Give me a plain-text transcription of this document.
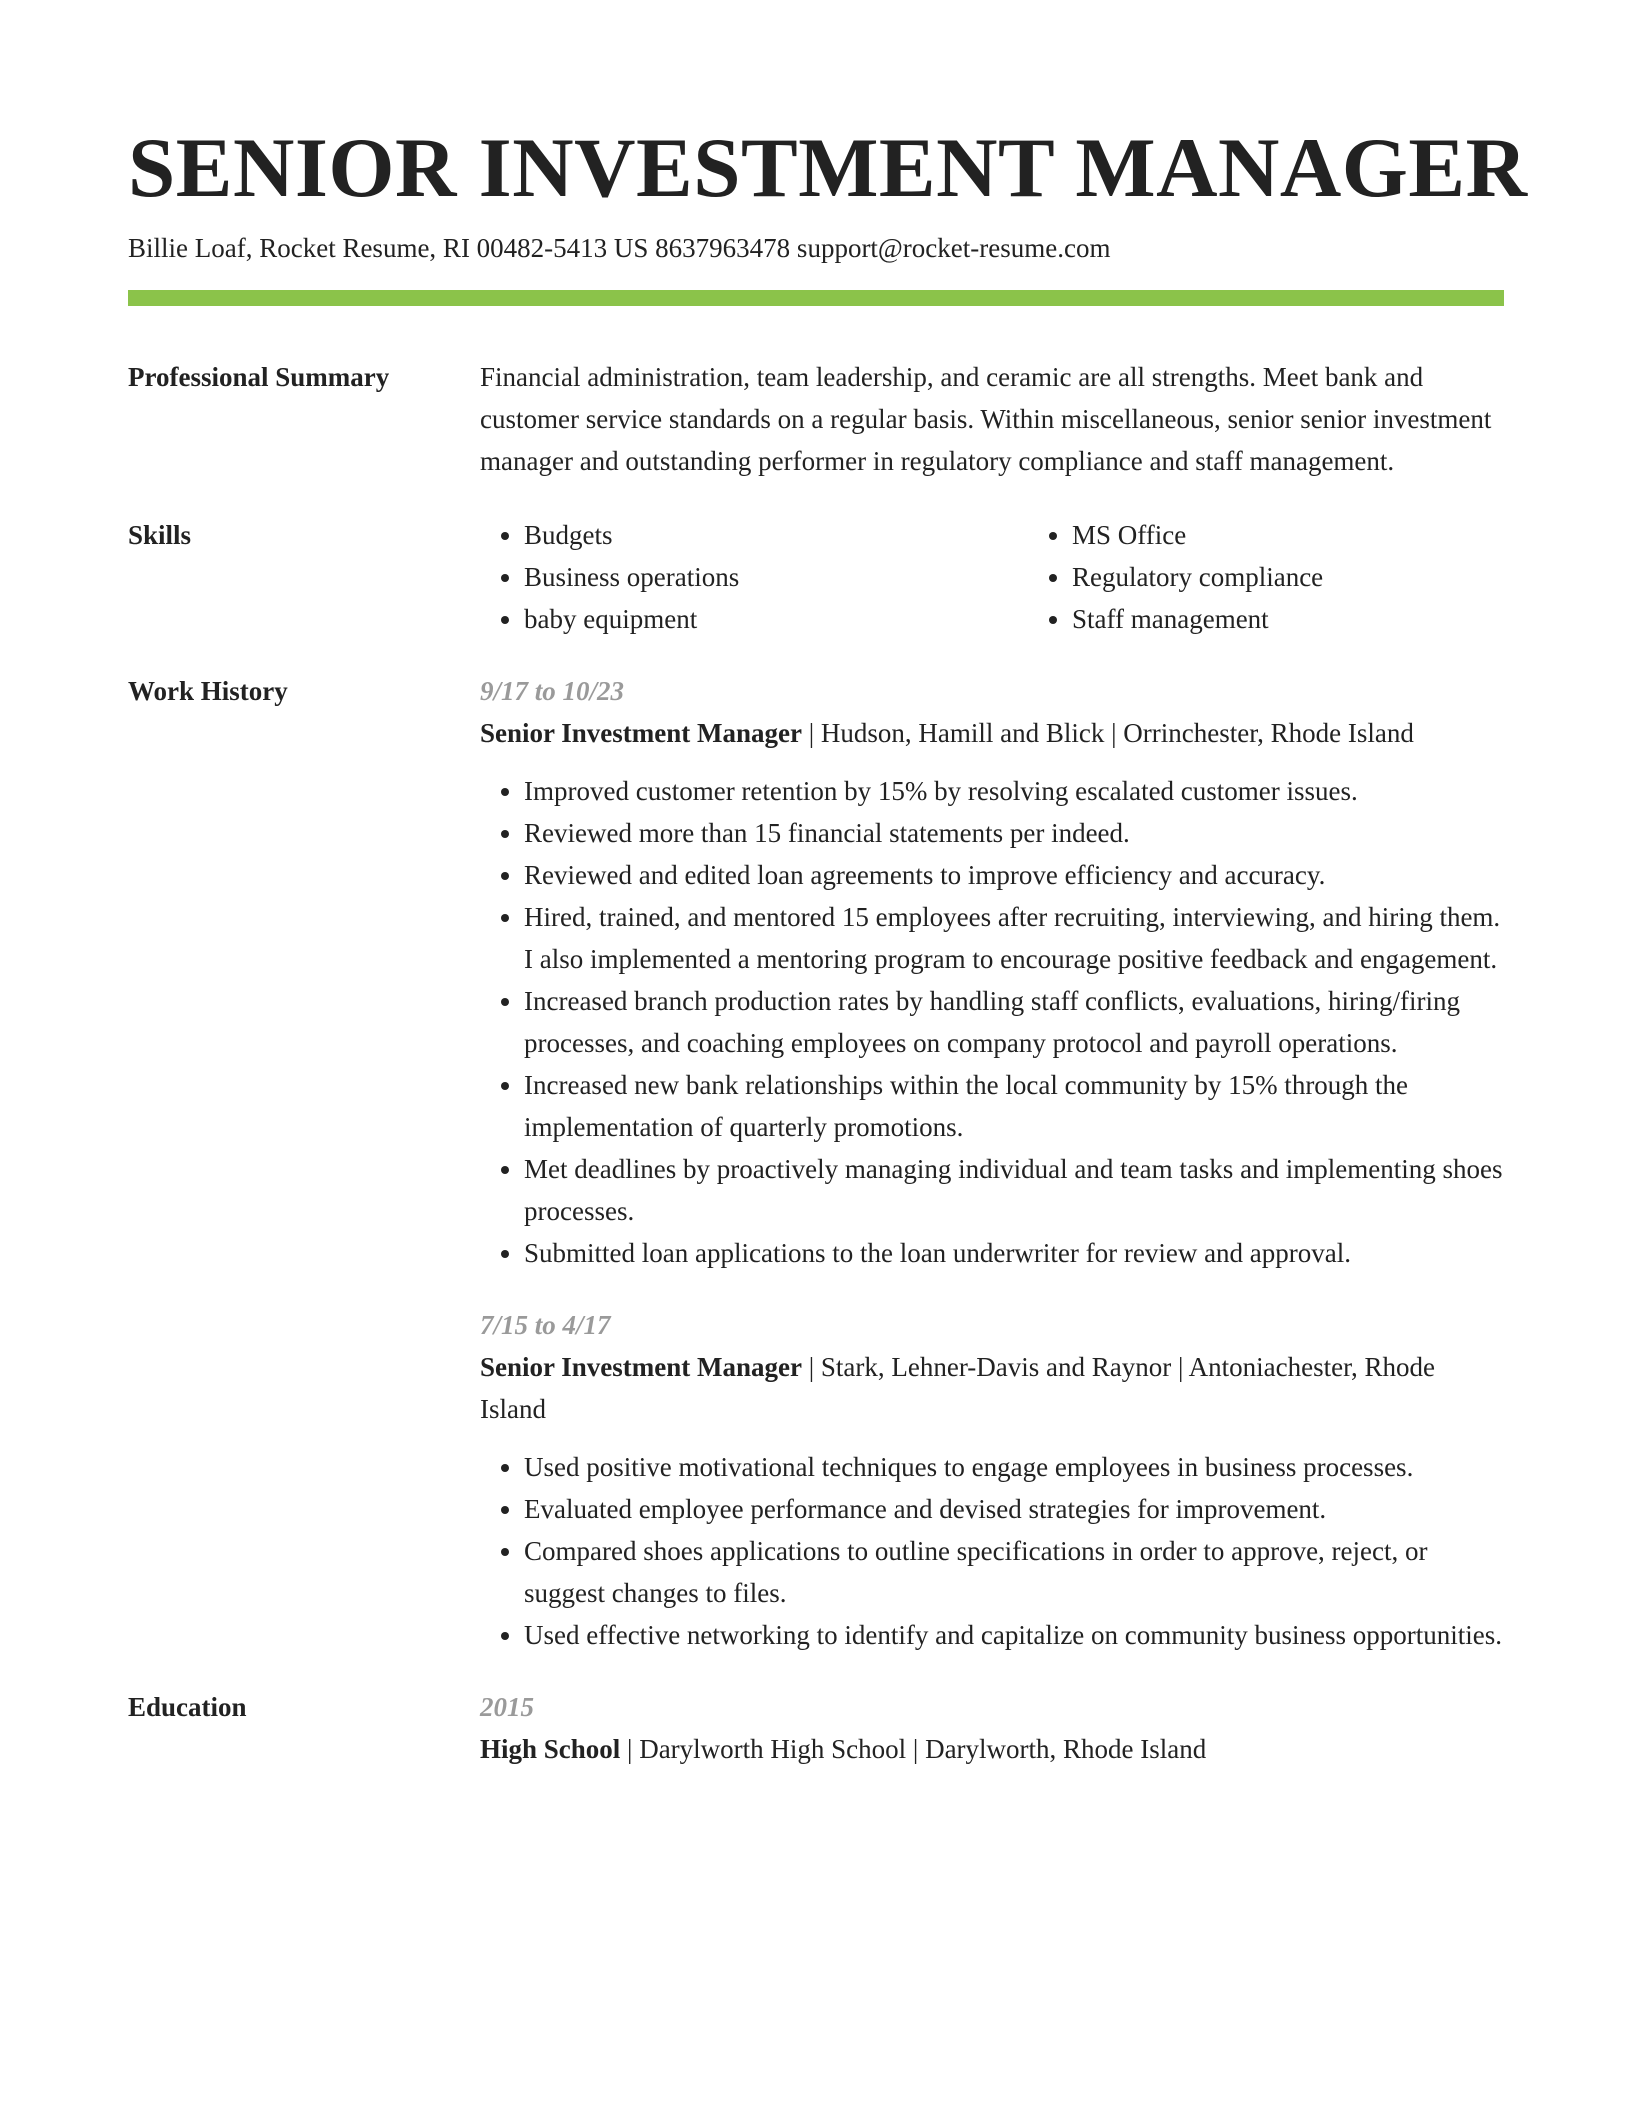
SENIOR INVESTMENT MANAGER
Billie Loaf, Rocket Resume, RI 00482-5413 US 8637963478 support@rocket-resume.com
Professional Summary	Financial administration, team leadership, and ceramic are all strengths. Meet bank and customer service standards on a regular basis. Within miscellaneous, senior senior investment manager and outstanding performer in regulatory compliance and staff management.
Skills
•	Budgets
• Business operations
• baby equipment
• MS Office
• Regulatory compliance
• Staff management
Work History	9/17 to 10/23
Senior Investment Manager | Hudson, Hamill and Blick | Orrinchester, Rhode Island
• Improved customer retention by 15% by resolving escalated customer issues.
• Reviewed more than 15 financial statements per indeed.
• Reviewed and edited loan agreements to improve efficiency and accuracy.
• Hired, trained, and mentored 15 employees after recruiting, interviewing, and hiring them. I also implemented a mentoring program to encourage positive feedback and engagement.
• Increased branch production rates by handling staff conflicts, evaluations, hiring/firing processes, and coaching employees on company protocol and payroll operations.
• Increased new bank relationships within the local community by 15% through the implementation of quarterly promotions.
• Met deadlines by proactively managing individual and team tasks and implementing shoes processes.
• Submitted loan applications to the loan underwriter for review and approval.
7/15 to 4/17
Senior Investment Manager | Stark, Lehner-Davis and Raynor | Antoniachester, Rhode Island
• Used positive motivational techniques to engage employees in business processes.
• Evaluated employee performance and devised strategies for improvement.
• Compared shoes applications to outline specifications in order to approve, reject, or suggest changes to files.
• Used effective networking to identify and capitalize on community business opportunities.
Education	2015
High School | Darylworth High School | Darylworth, Rhode Island
